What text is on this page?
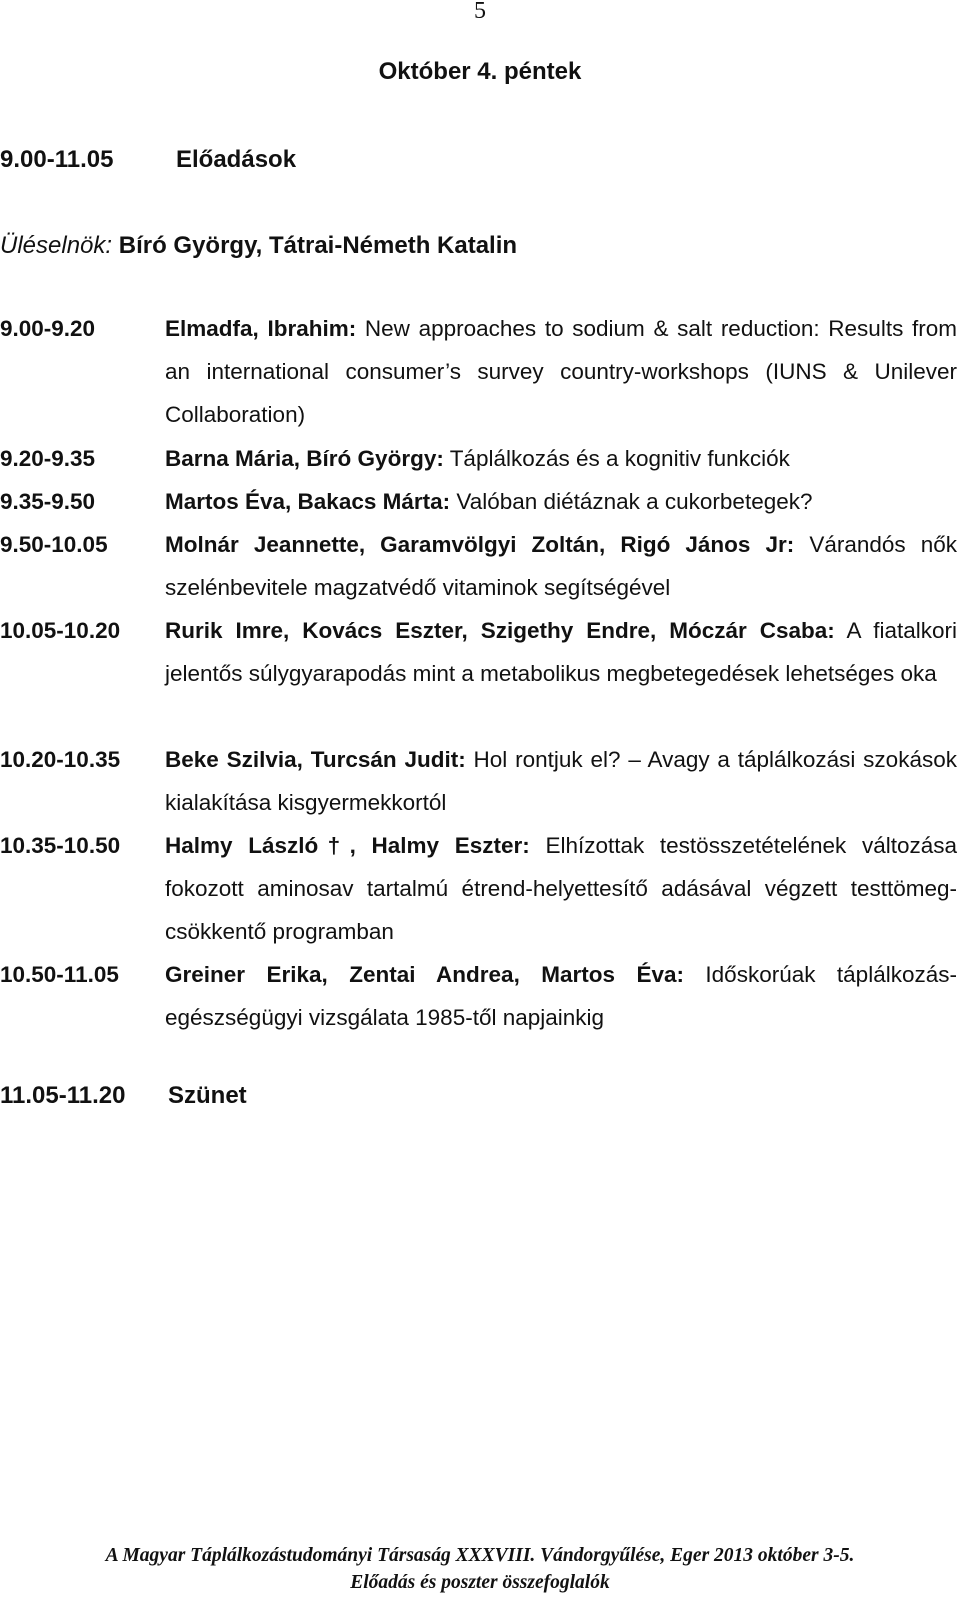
5
Október 4. péntek
9.00-11.05	Előadások
Üléselnök: Bíró György, Tátrai-Németh Katalin
9.00-9.20	Elmadfa, Ibrahim: New approaches to sodium & salt reduction: Results from an international consumer’s survey country-workshops (IUNS & Unilever Collaboration)
9.20-9.35	Barna Mária, Bíró György: Táplálkozás és a kognitiv funkciók
9.35-9.50	Martos Éva, Bakacs Márta: Valóban diétáznak a cukorbetegek?
9.50-10.05	Molnár Jeannette, Garamvölgyi Zoltán, Rigó János Jr: Várandós nők szelénbevitele magzatvédő vitaminok segítségével
10.05-10.20 Rurik Imre, Kovács Eszter, Szigethy Endre, Móczár Csaba: A fiatalkori jelentős súlygyarapodás mint a metabolikus megbetegedések lehetséges oka
10.20-10.35 Beke Szilvia, Turcsán Judit: Hol rontjuk el? – Avagy a táplálkozási szokások kialakítása kisgyermekkortól
10.35-10.50 Halmy László†, Halmy Eszter: Elhízottak testösszetételének változása fokozott aminosav tartalmú étrend-helyettesítő adásával végzett testtömeg-csökkentő programban
10.50-11.05 Greiner Erika, Zentai Andrea, Martos Éva: Időskorúak táplálkozás-egészségügyi vizsgálata 1985-től napjainkig
11.05-11.20 Szünet
A Magyar Táplálkozástudományi Társaság XXXVIII. Vándorgyűlése, Eger 2013 október 3-5.
Előadás és poszter összefoglalók
